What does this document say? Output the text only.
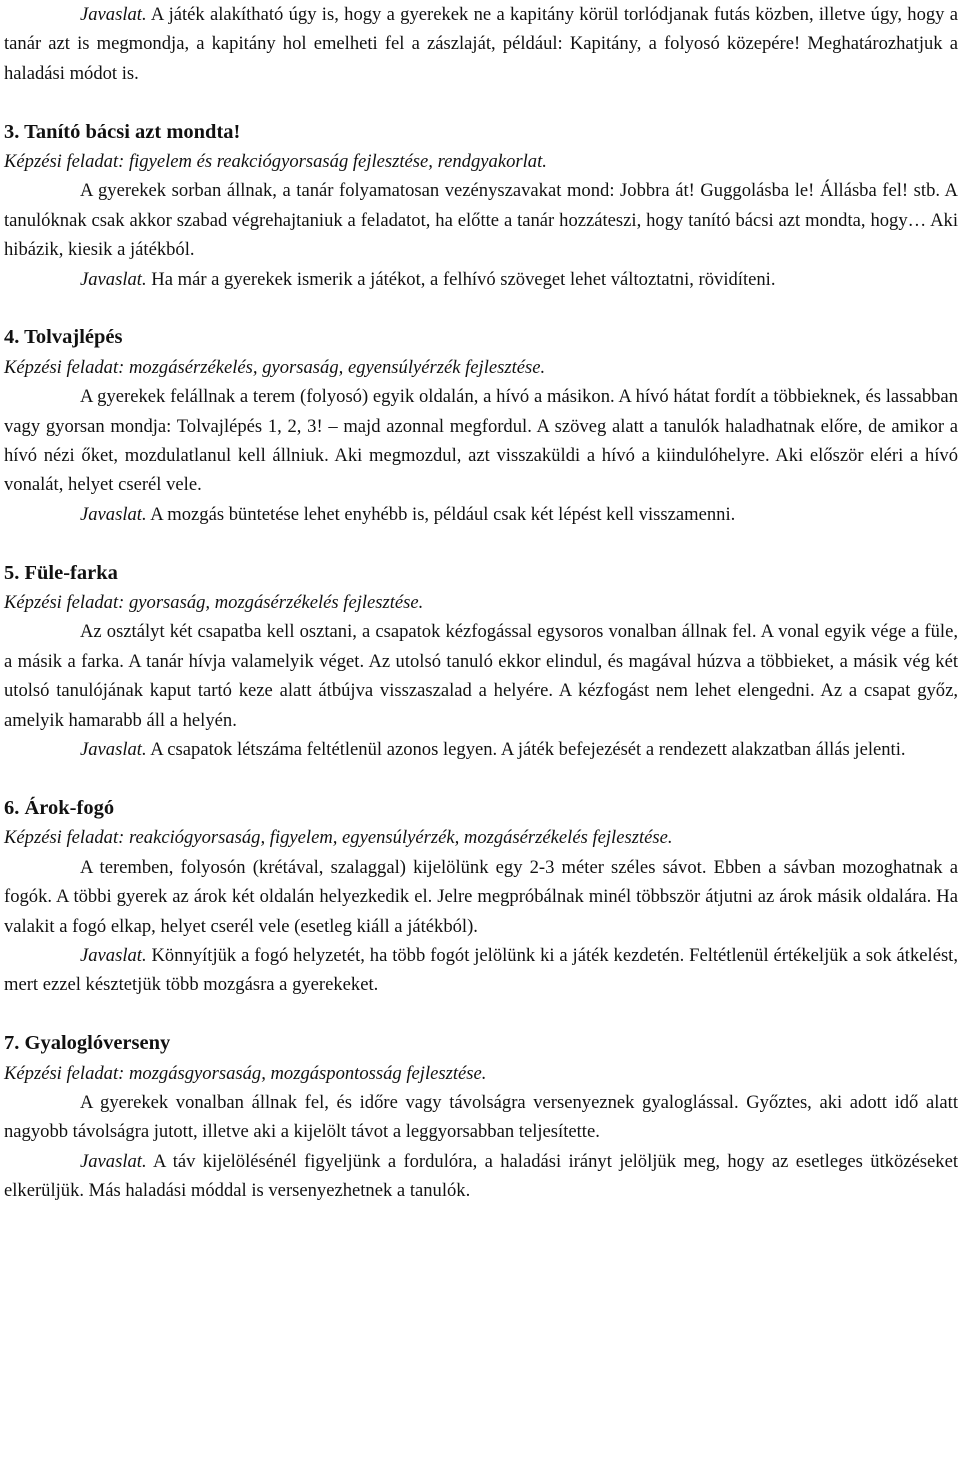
Javaslat. A játék alakítható úgy is, hogy a gyerekek ne a kapitány körül torlódjanak futás közben, illetve úgy, hogy a tanár azt is megmondja, a kapitány hol emelheti fel a zászlaját, például: Kapitány, a folyosó közepére! Meghatározhatjuk a haladási módot is.

3. Tanító bácsi azt mondta!

Képzési feladat: figyelem és reakciógyorsaság fejlesztése, rendgyakorlat.

A gyerekek sorban állnak, a tanár folyamatosan vezényszavakat mond: Jobbra át! Guggolásba le! Állásba fel! stb. A tanulóknak csak akkor szabad végrehajtaniuk a feladatot, ha előtte a tanár hozzáteszi, hogy tanító bácsi azt mondta, hogy… Aki hibázik, kiesik a játékból.

Javaslat. Ha már a gyerekek ismerik a játékot, a felhívó szöveget lehet változtatni, rövidíteni.

4. Tolvajlépés

Képzési feladat: mozgásérzékelés, gyorsaság, egyensúlyérzék fejlesztése.

A gyerekek felállnak a terem (folyosó) egyik oldalán, a hívó a másikon. A hívó hátat fordít a többieknek, és lassabban vagy gyorsan mondja: Tolvajlépés 1, 2, 3! – majd azonnal megfordul. A szöveg alatt a tanulók haladhatnak előre, de amikor a hívó nézi őket, mozdulatlanul kell állniuk. Aki megmozdul, azt visszaküldi a hívó a kiindulóhelyre. Aki először eléri a hívó vonalát, helyet cserél vele.

Javaslat. A mozgás büntetése lehet enyhébb is, például csak két lépést kell visszamenni.

5. Füle-farka

Képzési feladat: gyorsaság, mozgásérzékelés fejlesztése.

Az osztályt két csapatba kell osztani, a csapatok kézfogással egysoros vonalban állnak fel. A vonal egyik vége a füle, a másik a farka. A tanár hívja valamelyik véget. Az utolsó tanuló ekkor elindul, és magával húzva a többieket, a másik vég két utolsó tanulójának kaput tartó keze alatt átbújva visszaszalad a helyére. A kézfogást nem lehet elengedni. Az a csapat győz, amelyik hamarabb áll a helyén.

Javaslat. A csapatok létszáma feltétlenül azonos legyen. A játék befejezését a rendezett alakzatban állás jelenti.

6. Árok-fogó

Képzési feladat: reakciógyorsaság, figyelem, egyensúlyérzék, mozgásérzékelés fejlesztése.

A teremben, folyosón (krétával, szalaggal) kijelölünk egy 2-3 méter széles sávot. Ebben a sávban mozoghatnak a fogók. A többi gyerek az árok két oldalán helyezkedik el. Jelre megpróbálnak minél többször átjutni az árok másik oldalára. Ha valakit a fogó elkap, helyet cserél vele (esetleg kiáll a játékból).

Javaslat. Könnyítjük a fogó helyzetét, ha több fogót jelölünk ki a játék kezdetén. Feltétlenül értékeljük a sok átkelést, mert ezzel késztetjük több mozgásra a gyerekeket.

7. Gyaloglóverseny

Képzési feladat: mozgásgyorsaság, mozgáspontosság fejlesztése.

A gyerekek vonalban állnak fel, és időre vagy távolságra versenyeznek gyaloglással. Győztes, aki adott idő alatt nagyobb távolságra jutott, illetve aki a kijelölt távot a leggyorsabban teljesítette.

Javaslat. A táv kijelölésénél figyeljünk a fordulóra, a haladási irányt jelöljük meg, hogy az esetleges ütközéseket elkerüljük. Más haladási móddal is versenyezhetnek a tanulók.
